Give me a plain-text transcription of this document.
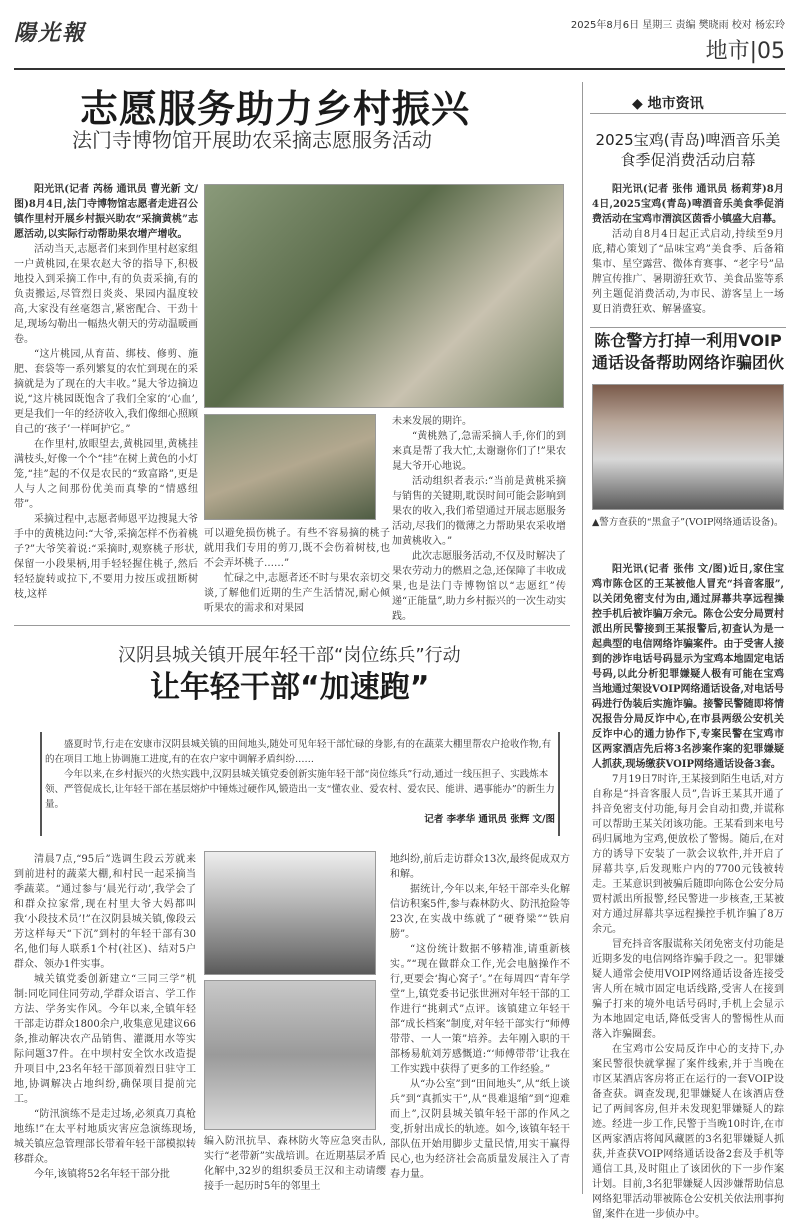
陽光報	2025年8月6日 星期三 责编 樊晓雨 校对 杨宏玲
地市|05
志愿服务助力乡村振兴
法门寺博物馆开展助农采摘志愿服务活动

阳光讯(记者 芮杨 通讯员 曹光新 文/图)8月4日,法门寺博物馆志愿者走进召公镇作里村开展乡村振兴助农“采摘黄桃”志愿活动,以实际行动帮助果农增产增收。

活动当天,志愿者们来到作里村赵家组一户黄桃园,在果农赵大爷的指导下,积极地投入到采摘工作中,有的负责采摘,有的负责搬运,尽管烈日炎炎、果园内温度较高,大家没有丝毫怨言,紧密配合、干劲十足,现场勾勒出一幅热火朝天的劳动温暖画卷。

“这片桃园,从育苗、绑枝、修剪、施肥、套袋等一系列繁复的农忙到现在的采摘就是为了现在的大丰收。”晁大爷边摘边说,“这片桃园既饱含了我们全家的‘心血’,更是我们一年的经济收入,我们像细心照顾自己的‘孩子’一样呵护它。”

在作里村,放眼望去,黄桃园里,黄桃挂满枝头,好像一个个“挂”在树上黄色的小灯笼,“挂”起的不仅是农民的“致富路”,更是人与人之间那份优美而真挚的“情感纽带”。

采摘过程中,志愿者师恩平边搜晁大爷手中的黄桃边问:“大爷,采摘怎样不伤着桃子?”大爷笑着说:“采摘时,观察桃子形状,保留一小段果柄,用手轻轻握住桃子,然后轻轻旋转或拉下,不要用力按压或扭断树枝,这样

可以避免损伤桃子。有些不容易摘的桃子就用我们专用的剪刀,既不会伤着树枝,也不会弄坏桃子……”

忙碌之中,志愿者还不时与果农亲切交谈,了解他们近期的生产生活情况,耐心倾听果农的需求和对果园

未来发展的期许。

“黄桃熟了,急需采摘人手,你们的到来真是帮了我大忙,太谢谢你们了!”果农晁大爷开心地说。

活动组织者表示:“当前是黄桃采摘与销售的关键期,耽误时间可能会影响到果农的收入,我们希望通过开展志愿服务活动,尽我们的微薄之力帮助果农采收增加黄桃收入。”

此次志愿服务活动,不仅及时解决了果农劳动力的燃眉之急,还保障了丰收成果,也是法门寺博物馆以“志愿红”传递“正能量”,助力乡村振兴的一次生动实践。

◆ 地市资讯
2025宝鸡(青岛)啤酒音乐美食季促消费活动启幕

阳光讯(记者 张伟 通讯员 杨莉芽)8月4日,2025宝鸡(青岛)啤酒音乐美食季促消费活动在宝鸡市渭滨区茵香小镇盛大启幕。

活动自8月4日起正式启动,持续至9月底,精心策划了“品味宝鸡”美食季、后备箱集市、星空露营、微体育赛事、“老字号”品牌宣传推广、暑期游狂欢节、美食品鉴等系列主题促消费活动,为市民、游客呈上一场夏日消费狂欢、解暑盛宴。

陈仓警方打掉一利用VOIP通话设备帮助网络诈骗团伙
▲警方查获的“黑盒子”(VOIP网络通话设备)。

阳光讯(记者 张伟 文/图)近日,家住宝鸡市陈仓区的王某被他人冒充“抖音客服”,以关闭免密支付为由,通过屏幕共享远程操控手机后被诈骗万余元。陈仓公安分局贾村派出所民警接到王某报警后,初查认为是一起典型的电信网络诈骗案件。由于受害人接到的涉诈电话号码显示为宝鸡本地固定电话号码,以此分析犯罪嫌疑人极有可能在宝鸡当地通过架设VOIP网络通话设备,对电话号码进行伪装后实施诈骗。接警民警随即将情况报告分局反诈中心,在市县两级公安机关反诈中心的通力协作下,专案民警在宝鸡市区两家酒店先后将3名涉案作案的犯罪嫌疑人抓获,现场缴获VOIP网络通话设备3套。

7月19日7时许,王某接到陌生电话,对方自称是“抖音客服人员”,告诉王某其开通了抖音免密支付功能,每月会自动扣费,并谎称可以帮助王某关闭该功能。王某看到来电号码归属地为宝鸡,便放松了警惕。随后,在对方的诱导下安装了一款会议软件,并开启了屏幕共享,后发现账户内的7700元钱被转走。王某意识到被骗后随即向陈仓公安分局贾村派出所报警,经民警进一步核查,王某被对方通过屏幕共享远程操控手机诈骗了8万余元。

冒充抖音客服谎称关闭免密支付功能是近期多发的电信网络诈骗手段之一。犯罪嫌疑人通常会使用VOIP网络通话设备连接受害人所在城市固定电话线路,受害人在接到骗子打来的境外电话号码时,手机上会显示为本地固定电话,降低受害人的警惕性从而落入诈骗圈套。

在宝鸡市公安局反诈中心的支持下,办案民警很快就掌握了案件线索,并于当晚在市区某酒店客房将正在运行的一套VOIP设备查获。调查发现,犯罪嫌疑人在该酒店登记了两间客房,但并未发现犯罪嫌疑人的踪迹。经进一步工作,民警于当晚10时许,在市区两家酒店将闻风藏匿的3名犯罪嫌疑人抓获,并查获VOIP网络通话设备2套及手机等通信工具,及时阻止了该团伙的下一步作案计划。目前,3名犯罪嫌疑人因涉嫌帮助信息网络犯罪活动罪被陈仓公安机关依法刑事拘留,案件在进一步侦办中。

汉阴县城关镇开展年轻干部“岗位练兵”行动
让年轻干部“加速跑”

盛夏时节,行走在安康市汉阴县城关镇的田间地头,随处可见年轻干部忙碌的身影,有的在蔬菜大棚里帮农户抢收作物,有的在项目工地上协调施工进度,有的在农户家中调解矛盾纠纷……

今年以来,在乡村振兴的火热实践中,汉阴县城关镇党委创新实施年轻干部“岗位练兵”行动,通过一线压担子、实践炼本领、严管促成长,让年轻干部在基层熔炉中锤炼过硬作风,锻造出一支“懂农业、爱农村、爱农民、能讲、遇事能办”的新生力量。

记者 李孝华 通讯员 张辉 文/图

清晨7点,“95后”选调生段云芳就来到前进村的蔬菜大棚,和村民一起采摘当季蔬菜。“通过参与‘晨光行动’,我学会了和群众拉家常,现在村里大爷大妈都叫我‘小段技术员’!”在汉阴县城关镇,像段云芳这样每天“下沉”到村的年轻干部有30名,他们每人联系1个村(社区)、结对5户群众、领办1件实事。

城关镇党委创新建立“三同三学”机制:同吃同住同劳动,学群众语言、学工作方法、学务实作风。今年以来,全镇年轻干部走访群众1800余户,收集意见建议66条,推动解决农产品销售、灌溉用水等实际问题37件。在中坝村安全饮水改造提升项目中,23名年轻干部顶着烈日驻守工地,协调解决占地纠纷,确保项目提前完工。

“防汛演练不是走过场,必须真刀真枪地练!”在太平村地质灾害应急演练现场,城关镇应急管理部长带着年轻干部模拟转移群众。

今年,该镇将52名年轻干部分批

编入防汛抗旱、森林防火等应急突击队,实行“老带新”实战培训。在近期基层矛盾化解中,32岁的组织委员王汉和主动请缨接手一起历时5年的邻里土

地纠纷,前后走访群众13次,最终促成双方和解。

据统计,今年以来,年轻干部牵头化解信访积案5件,参与森林防火、防汛抢险等23次,在实战中练就了“硬脊梁”“铁肩膀”。

“这份统计数据不够精准,请重新核实。”“现在做群众工作,光会电脑操作不行,更要会‘掏心窝子’。”在每周四“青年学堂”上,镇党委书记张世洲对年轻干部的工作进行“挑刺式”点评。该镇建立年轻干部“成长档案”制度,对年轻干部实行“师傅带带、一人一策”培养。去年刚入职的干部杨易航刘芳感慨道:“‘师傅带带’让我在工作实践中获得了更多的工作经验。”

从“办公室”到“田间地头”,从“纸上谈兵”到“真抓实干”,从“畏难退缩”到“迎难而上”,汉阴县城关镇年轻干部的作风之变,折射出成长的轨迹。如今,该镇年轻干部队伍开始用脚步丈量民情,用实干赢得民心,也为经济社会高质量发展注入了青春力量。
